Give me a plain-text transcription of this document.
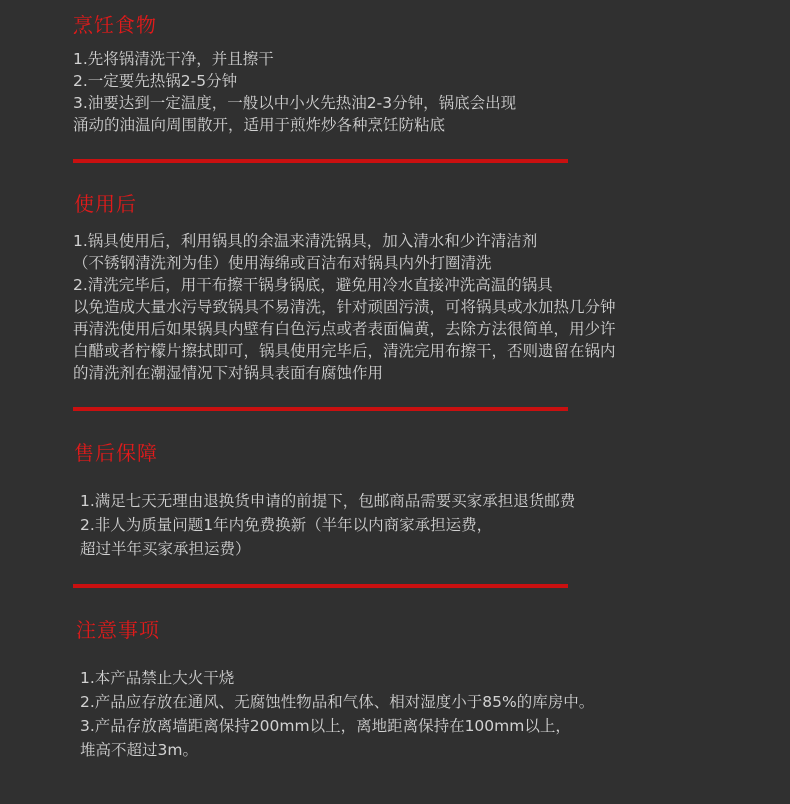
烹饪食物
1.先将锅清洗干净，并且擦干
2.一定要先热锅2-5分钟
3.油要达到一定温度，一般以中小火先热油2-3分钟，锅底会出现
涌动的油温向周围散开，适用于煎炸炒各种烹饪防粘底
使用后
1.锅具使用后，利用锅具的余温来清洗锅具，加入清水和少许清洁剂
（不锈钢清洗剂为佳）使用海绵或百洁布对锅具内外打圈清洗
2.清洗完毕后，用干布擦干锅身锅底，避免用冷水直接冲洗高温的锅具
以免造成大量水污导致锅具不易清洗，针对顽固污渍，可将锅具或水加热几分钟
再清洗使用后如果锅具内壁有白色污点或者表面偏黄，去除方法很简单，用少许
白醋或者柠檬片擦拭即可，锅具使用完毕后，清洗完用布擦干，否则遗留在锅内
的清洗剂在潮湿情况下对锅具表面有腐蚀作用
售后保障
1.满足七天无理由退换货申请的前提下，包邮商品需要买家承担退货邮费
2.非人为质量问题1年内免费换新（半年以内商家承担运费，
超过半年买家承担运费）
注意事项
1.本产品禁止大火干烧
2.产品应存放在通风、无腐蚀性物品和气体、相对湿度小于85%的库房中。
3.产品存放离墙距离保持200mm以上，离地距离保持在100mm以上，
堆高不超过3m。
